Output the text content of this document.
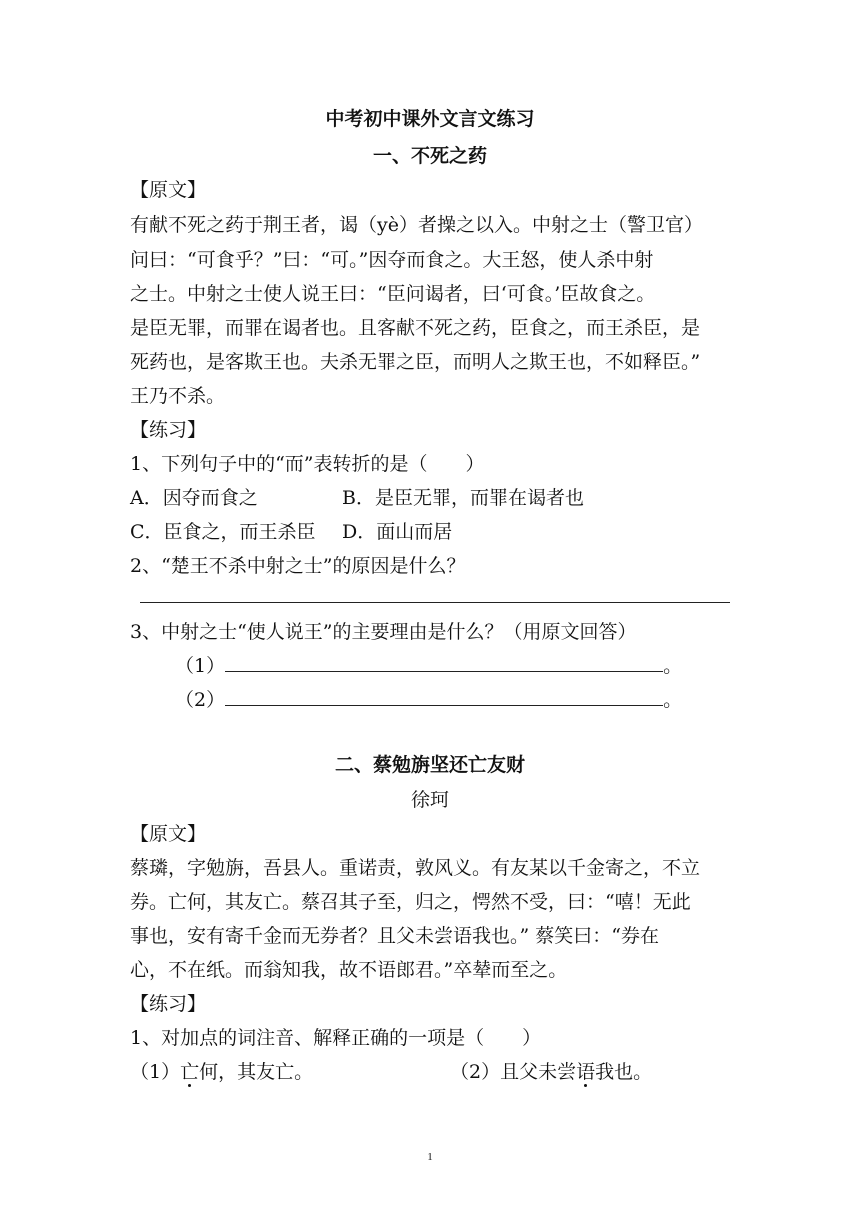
中考初中课外文言文练习
一、不死之药
【原文】
有献不死之药于荆王者，谒（yè）者操之以入。中射之士（警卫官）
问曰：“可食乎？”曰：“可。”因夺而食之。大王怒，使人杀中射
之士。中射之士使人说王曰：“臣问谒者，曰‘可食。’臣故食之。
是臣无罪，而罪在谒者也。且客献不死之药，臣食之，而王杀臣，是
死药也，是客欺王也。夫杀无罪之臣，而明人之欺王也，不如释臣。”
王乃不杀。
【练习】
1、下列句子中的“而”表转折的是（　　）
A．因夺而食之	B．是臣无罪，而罪在谒者也
C．臣食之，而王杀臣 D．面山而居
2、“楚王不杀中射之士”的原因是什么？
3、中射之士“使人说王”的主要理由是什么？（用原文回答）
（1）	。
（2）	。
二、蔡勉旃坚还亡友财
徐珂
【原文】
蔡璘，字勉旃，吾县人。重诺责，敦风义。有友某以千金寄之，不立
券。亡何，其友亡。蔡召其子至，归之，愕然不受，曰：“嘻！无此
事也，安有寄千金而无券者？且父未尝语我也。” 蔡笑曰：“券在
心，不在纸。而翁知我，故不语郎君。”卒辇而至之。
【练习】
1、对加点的词注音、解释正确的一项是（　　）
（1）亡何，其友亡。	（2）且父未尝语我也。
1
